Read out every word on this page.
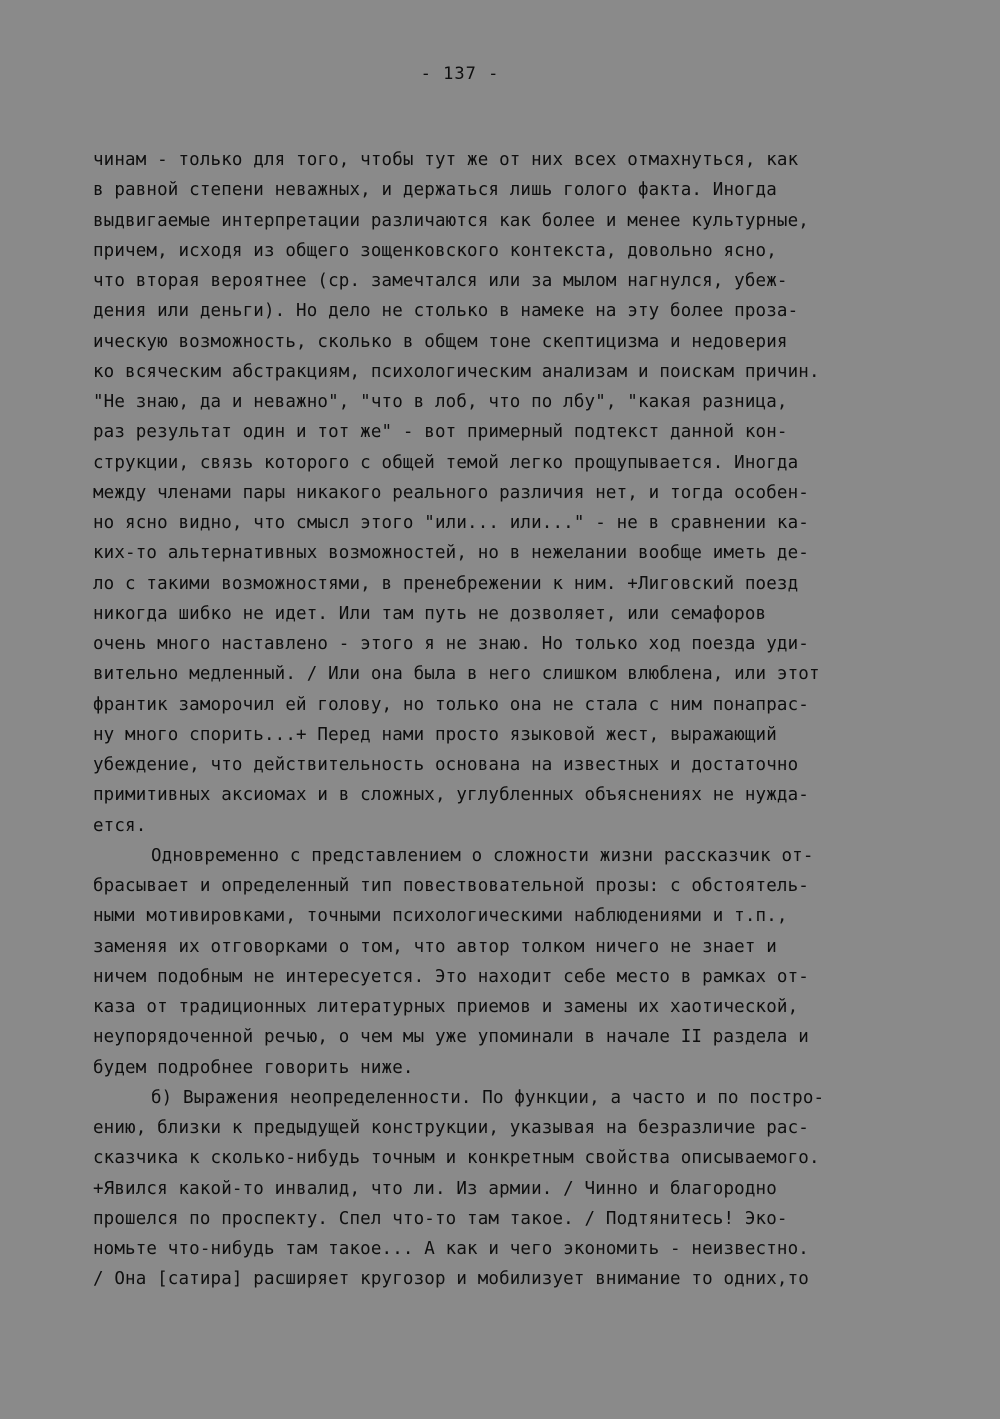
- 137 -
чинам - только для того, чтобы тут же от них всех отмахнуться, как
в равной степени неважных, и держаться лишь голого факта. Иногда
выдвигаемые интерпретации различаются как более и менее культурные,
причем, исходя из общего зощенковского контекста, довольно ясно,
что вторая вероятнее (ср. замечтался или за мылом нагнулся, убеж-
дения или деньги). Но дело не столько в намеке на эту более проза-
ическую возможность, сколько в общем тоне скептицизма и недоверия
ко всяческим абстракциям, психологическим анализам и поискам причин.
"Не знаю, да и неважно", "что в лоб, что по лбу", "какая разница,
раз результат один и тот же" - вот примерный подтекст данной кон-
струкции, связь которого с общей темой легко прощупывается. Иногда
между членами пары никакого реального различия нет, и тогда особен-
но ясно видно, что смысл этого "или... или..." - не в сравнении ка-
ких-то альтернативных возможностей, но в нежелании вообще иметь де-
ло с такими возможностями, в пренебрежении к ним. +Лиговский поезд
никогда шибко не идет. Или там путь не дозволяет, или семафоров
очень много наставлено - этого я не знаю. Но только ход поезда уди-
вительно медленный. / Или она была в него слишком влюблена, или этот
франтик заморочил ей голову, но только она не стала с ним понапрас-
ну много спорить...+ Перед нами просто языковой жест, выражающий
убеждение, что действительность основана на известных и достаточно
примитивных аксиомах и в сложных, углубленных объяснениях не нужда-
ется.
Одновременно с представлением о сложности жизни рассказчик от-
брасывает и определенный тип повествовательной прозы: с обстоятель-
ными мотивировками, точными психологическими наблюдениями и т.п.,
заменяя их отговорками о том, что автор толком ничего не знает и
ничем подобным не интересуется. Это находит себе место в рамках от-
каза от традиционных литературных приемов и замены их хаотической,
неупорядоченной речью, о чем мы уже упоминали в начале II раздела и
будем подробнее говорить ниже.
б) Выражения неопределенности. По функции, а часто и по постро-
ению, близки к предыдущей конструкции, указывая на безразличие рас-
сказчика к сколько-нибудь точным и конкретным свойства описываемого.
+Явился какой-то инвалид, что ли. Из армии. / Чинно и благородно
прошелся по проспекту. Спел что-то там такое. / Подтянитесь! Эко-
номьте что-нибудь там такое... А как и чего экономить - неизвестно.
/ Она [сатира] расширяет кругозор и мобилизует внимание то одних,то
